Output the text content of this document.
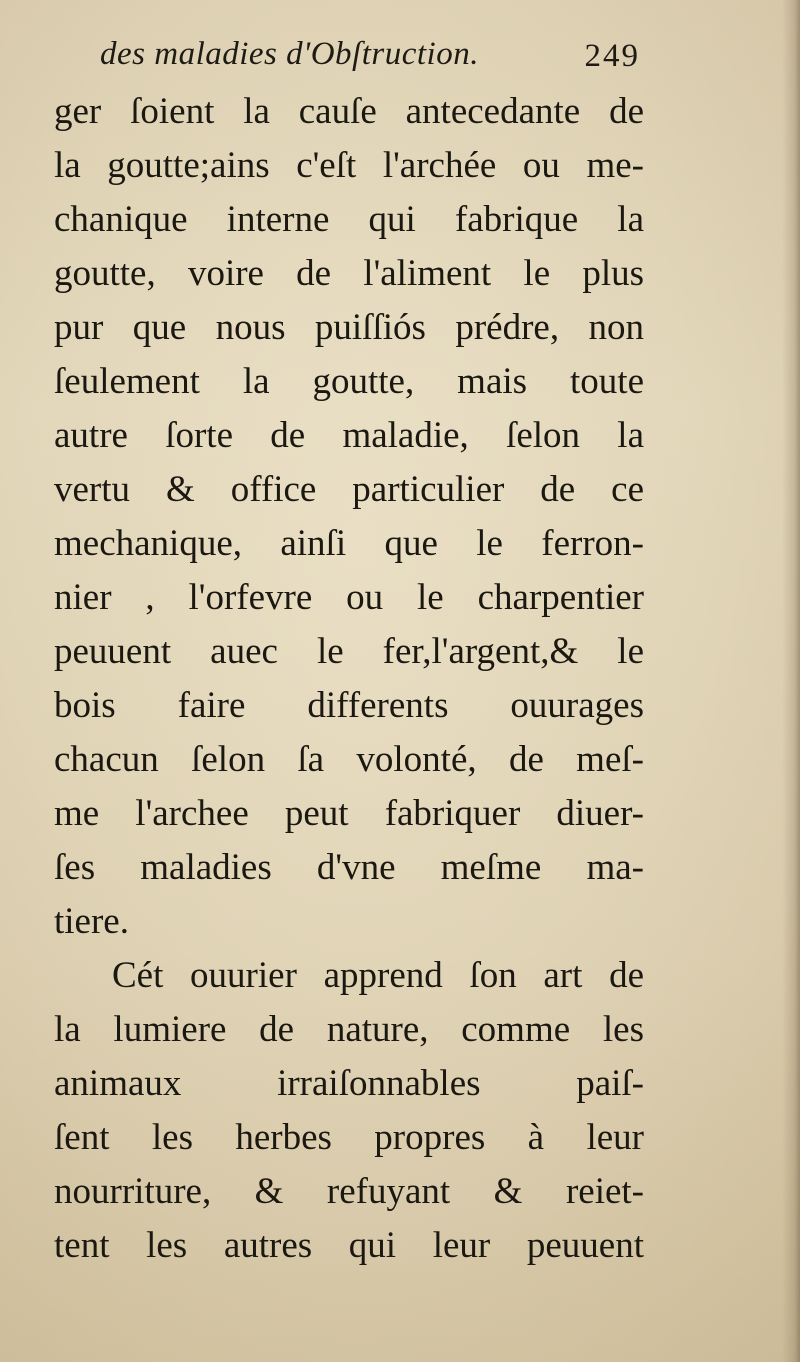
des maladies d'Obſtruction.	249
ger ſoient la cauſe antecedante de
la goutte;ains c'eſt l'archée ou me-
chanique interne qui fabrique la
goutte, voire de l'aliment le plus
pur que nous puiſſiós prédre, non
ſeulement la goutte, mais toute
autre ſorte de maladie, ſelon la
vertu & office particulier de ce
mechanique, ainſi que le ferron-
nier , l'orfevre ou le charpentier
peuuent auec le fer,l'argent,& le
bois faire differents ouurages
chacun ſelon ſa volonté, de meſ-
me l'archee peut fabriquer diuer-
ſes maladies d'vne meſme ma-
tiere.
Cét ouurier apprend ſon art de
la lumiere de nature, comme les
animaux irraiſonnables paiſ-
ſent les herbes propres à leur
nourriture, & refuyant & reiet-
tent les autres qui leur peuuent
